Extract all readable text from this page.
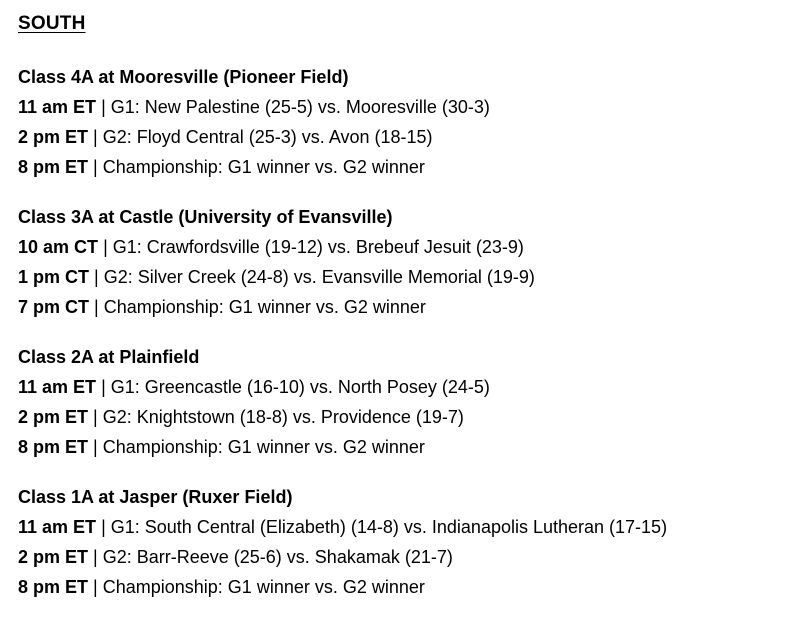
SOUTH
Class 4A at Mooresville (Pioneer Field)
11 am ET | G1: New Palestine (25-5) vs. Mooresville (30-3)
2 pm ET | G2: Floyd Central (25-3) vs. Avon (18-15)
8 pm ET | Championship: G1 winner vs. G2 winner
Class 3A at Castle (University of Evansville)
10 am CT | G1: Crawfordsville (19-12) vs. Brebeuf Jesuit (23-9)
1 pm CT | G2: Silver Creek (24-8) vs. Evansville Memorial (19-9)
7 pm CT | Championship: G1 winner vs. G2 winner
Class 2A at Plainfield
11 am ET | G1: Greencastle (16-10) vs. North Posey (24-5)
2 pm ET | G2: Knightstown (18-8) vs. Providence (19-7)
8 pm ET | Championship: G1 winner vs. G2 winner
Class 1A at Jasper (Ruxer Field)
11 am ET | G1: South Central (Elizabeth) (14-8) vs. Indianapolis Lutheran (17-15)
2 pm ET | G2: Barr-Reeve (25-6) vs. Shakamak (21-7)
8 pm ET | Championship: G1 winner vs. G2 winner
